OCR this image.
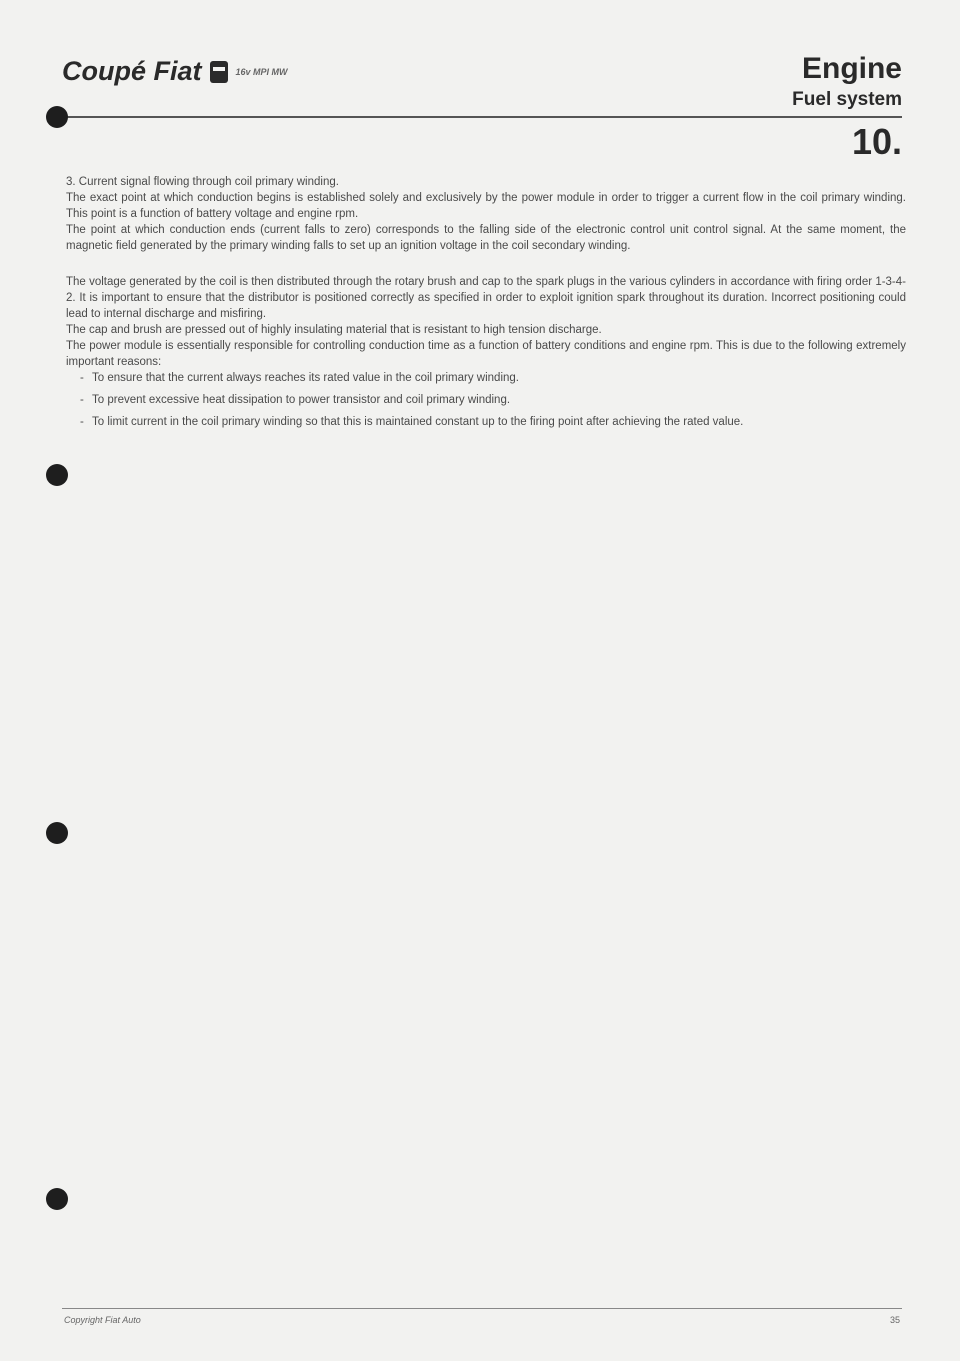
Coupé Fiat	16v MPI MW	Engine
Fuel system
10.

3. Current signal flowing through coil primary winding.

The exact point at which conduction begins is established solely and exclusively by the power module in order to trigger a current flow in the coil primary winding. This point is a function of battery voltage and engine rpm.

The point at which conduction ends (current falls to zero) corresponds to the falling side of the electronic control unit control signal. At the same moment, the magnetic field generated by the primary winding falls to set up an ignition voltage in the coil secondary winding.

The voltage generated by the coil is then distributed through the rotary brush and cap to the spark plugs in the various cylinders in accordance with firing order 1-3-4-2. It is important to ensure that the distributor is positioned correctly as specified in order to exploit ignition spark throughout its duration. Incorrect positioning could lead to internal discharge and misfiring.

The cap and brush are pressed out of highly insulating material that is resistant to high tension discharge.

The power module is essentially responsible for controlling conduction time as a function of battery conditions and engine rpm. This is due to the following extremely important reasons:

- To ensure that the current always reaches its rated value in the coil primary winding.
- To prevent excessive heat dissipation to power transistor and coil primary winding.
- To limit current in the coil primary winding so that this is maintained constant up to the firing point after achieving the rated value.
Copyright Fiat Auto	35
